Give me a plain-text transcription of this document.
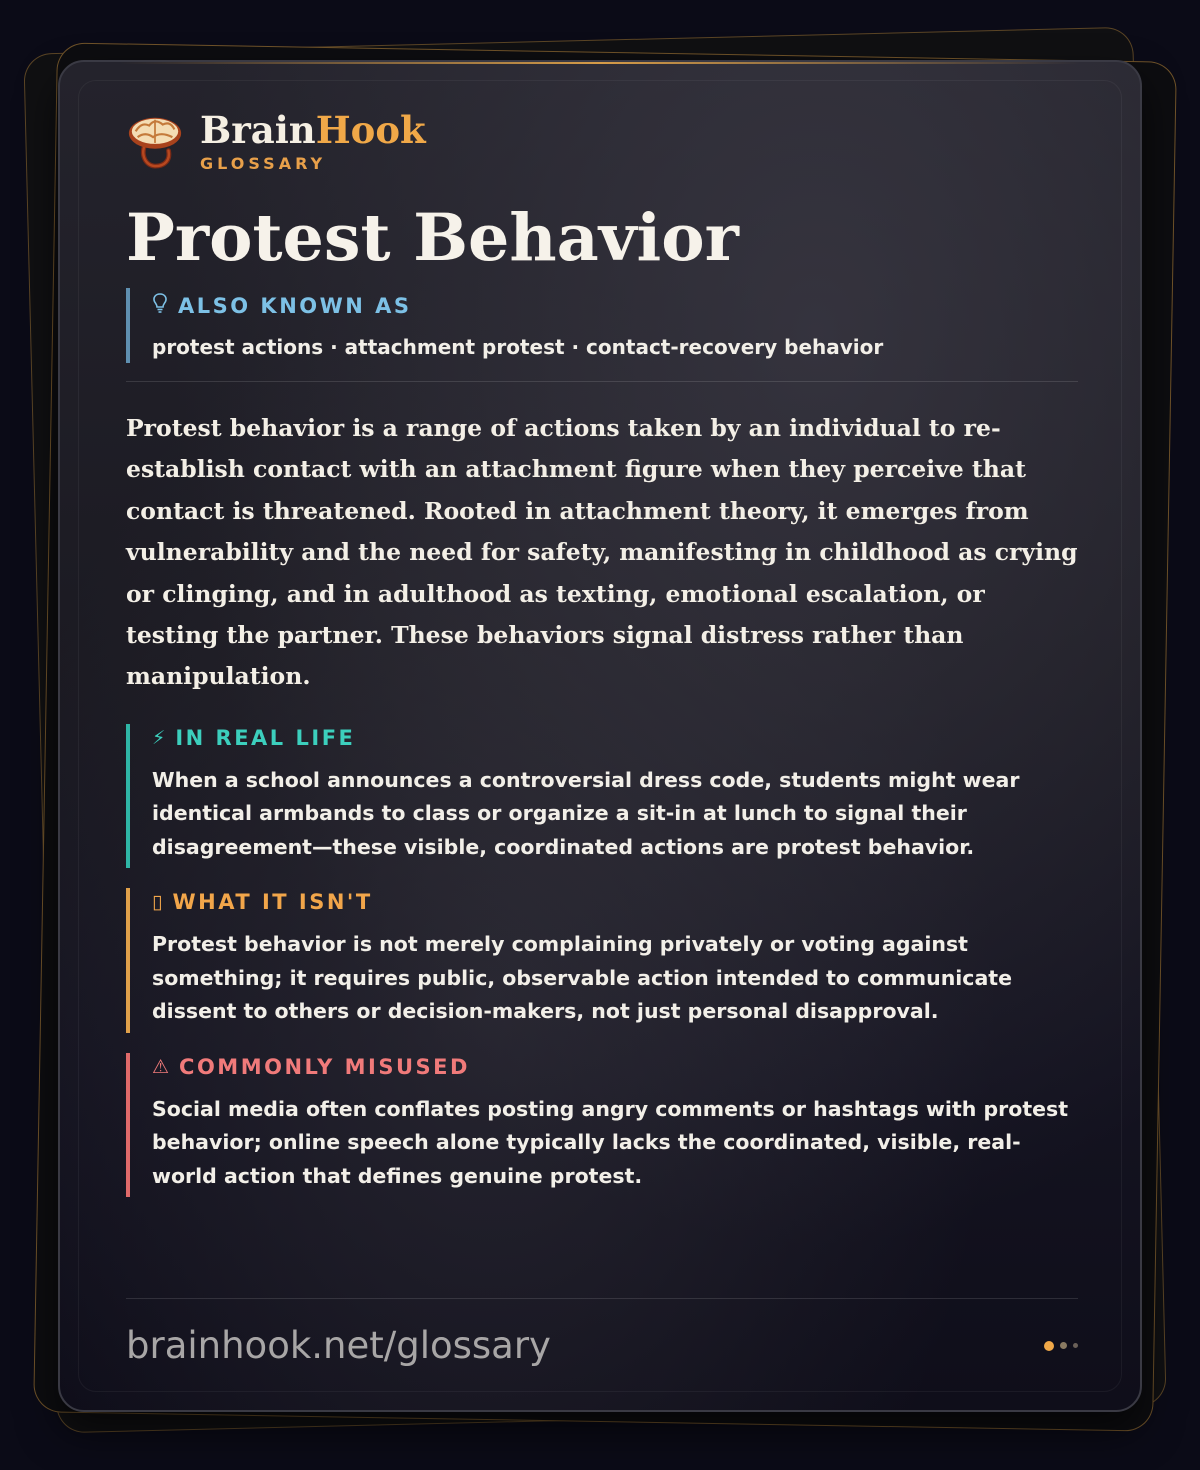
BrainHook
GLOSSARY
Protest Behavior
ALSO KNOWN AS
protest actions · attachment protest · contact-recovery behavior

Protest behavior is a range of actions taken by an individual to re-establish contact with an attachment figure when they perceive that contact is threatened. Rooted in attachment theory, it emerges from vulnerability and the need for safety, manifesting in childhood as crying or clinging, and in adulthood as texting, emotional escalation, or testing the partner. These behaviors signal distress rather than manipulation.

⚡ IN REAL LIFE
When a school announces a controversial dress code, students might wear identical armbands to class or organize a sit-in at lunch to signal their disagreement—these visible, coordinated actions are protest behavior.
▯ WHAT IT ISN'T
Protest behavior is not merely complaining privately or voting against something; it requires public, observable action intended to communicate dissent to others or decision-makers, not just personal disapproval.
⚠ COMMONLY MISUSED
Social media often conflates posting angry comments or hashtags with protest behavior; online speech alone typically lacks the coordinated, visible, real-world action that defines genuine protest.
brainhook.net/glossary
